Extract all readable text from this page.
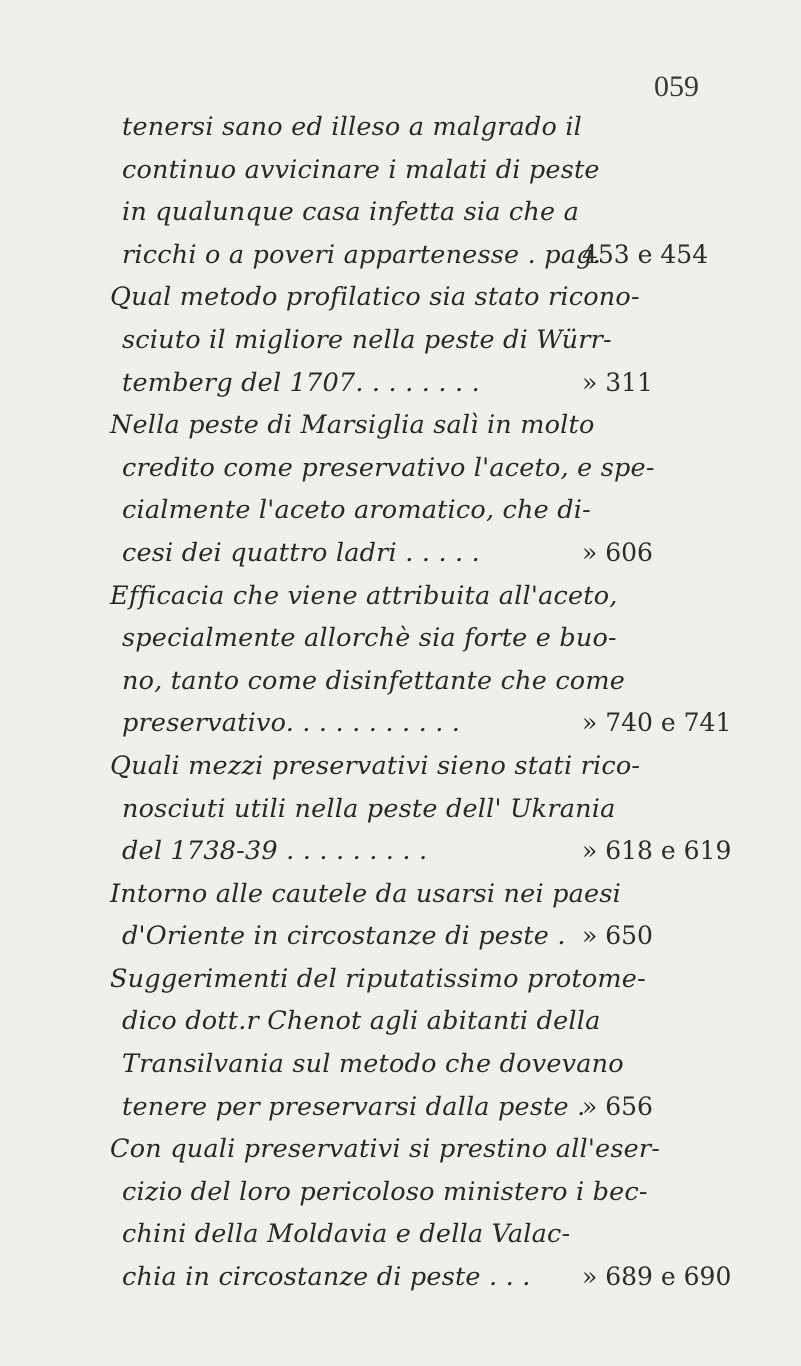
059
tenersi sano ed illeso a malgrado il
continuo avvicinare i malati di peste
in qualunque casa infetta sia che a
ricchi o a poveri appartenesse . pag.
453 e 454
Qual metodo profilatico sia stato ricono-
sciuto il migliore nella peste di Würr-
temberg del 1707. . . . . . . .	» 311
Nella peste di Marsiglia salì in molto
credito come preservativo l'aceto, e spe-
cialmente l'aceto aromatico, che di-
cesi dei quattro ladri . . . . .	» 606
Efficacia che viene attribuita all'aceto,
specialmente allorchè sia forte e buo-
no, tanto come disinfettante che come
preservativo. . . . . . . . . . .	» 740 e 741
Quali mezzi preservativi sieno stati rico-
nosciuti utili nella peste dell' Ukrania
del 1738-39 . . . . . . . . .	» 618 e 619
Intorno alle cautele da usarsi nei paesi
d'Oriente in circostanze di peste . » 650
Suggerimenti del riputatissimo protome-
dico dott.r Chenot agli abitanti della
Transilvania sul metodo che dovevano
tenere per preservarsi dalla peste .
» 656
Con quali preservativi si prestino all'eser-
cizio del loro pericoloso ministero i bec-
chini della Moldavia e della Valac-
chia in circostanze di peste . . . » 689 e 690
